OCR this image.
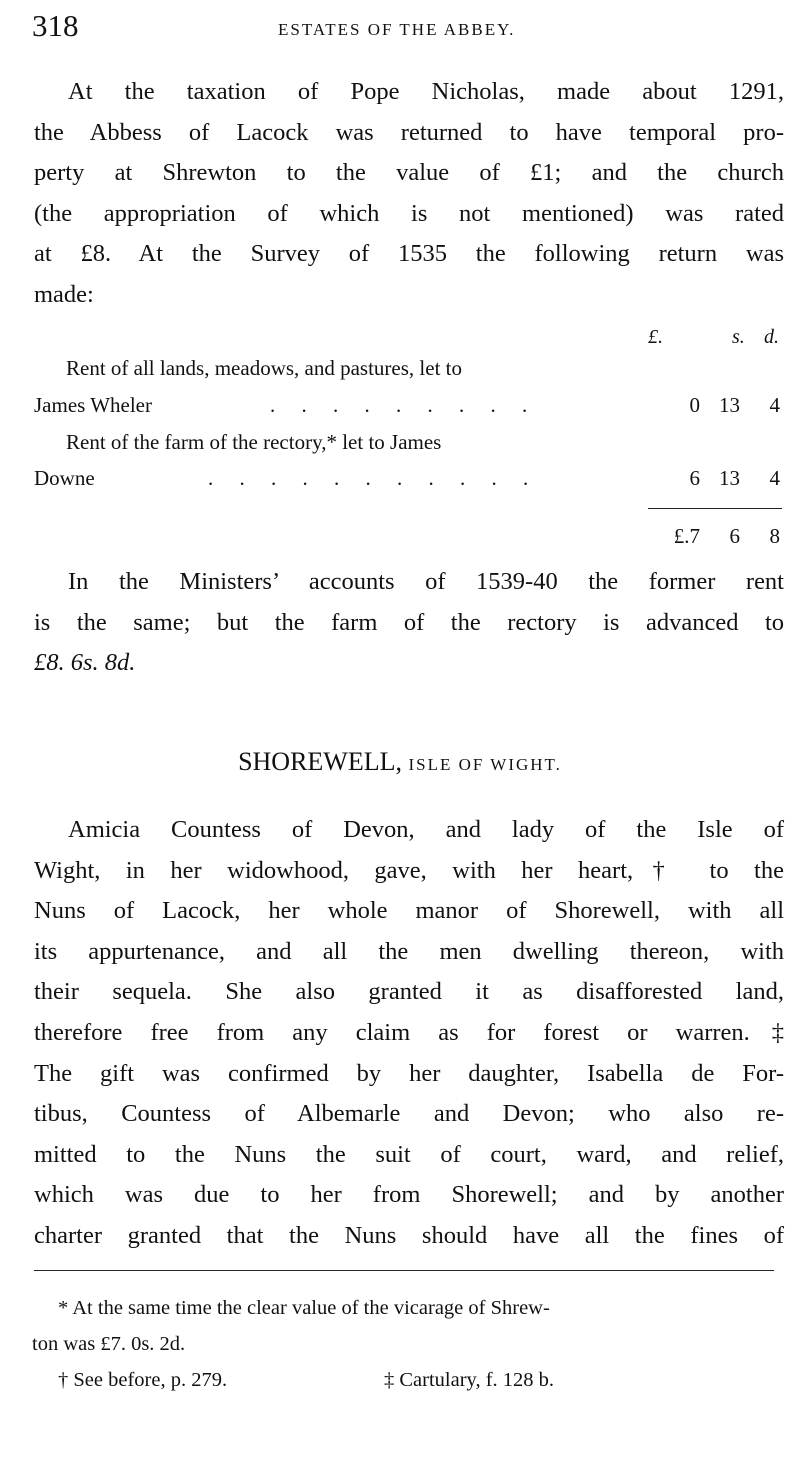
318	ESTATES OF THE ABBEY.
At the taxation of Pope Nicholas, made about 1291,
the Abbess of Lacock was returned to have temporal pro-
perty at Shrewton to the value of £1; and the church
(the appropriation of which is not mentioned) was rated
at £8. At the Survey of 1535 the following return was
made:
£.	s. d.
Rent of all lands, meadows, and pastures, let to
James Wheler	.     .     .     .     .     .     .     .     .	0 13	4
Rent of the farm of the rectory,* let to James
Downe	.     .     .     .     .     .     .     .     .     .     .	6 13	4
£.7	6	8
In the Ministers’ accounts of 1539-40 the former rent
is the same; but the farm of the rectory is advanced to
£8. 6s. 8d.
SHOREWELL, ISLE OF WIGHT.
Amicia Countess of Devon, and lady of the Isle of
Wight, in her widowhood, gave, with her heart,† to the
Nuns of Lacock, her whole manor of Shorewell, with all
its appurtenance, and all the men dwelling thereon, with
their sequela. She also granted it as disafforested land,
therefore free from any claim as for forest or warren.‡
The gift was confirmed by her daughter, Isabella de For-
tibus, Countess of Albemarle and Devon; who also re-
mitted to the Nuns the suit of court, ward, and relief,
which was due to her from Shorewell; and by another
charter granted that the Nuns should have all the fines of
* At the same time the clear value of the vicarage of Shrew-
ton was £7. 0s. 2d.
† See before, p. 279.	‡ Cartulary, f. 128 b.
